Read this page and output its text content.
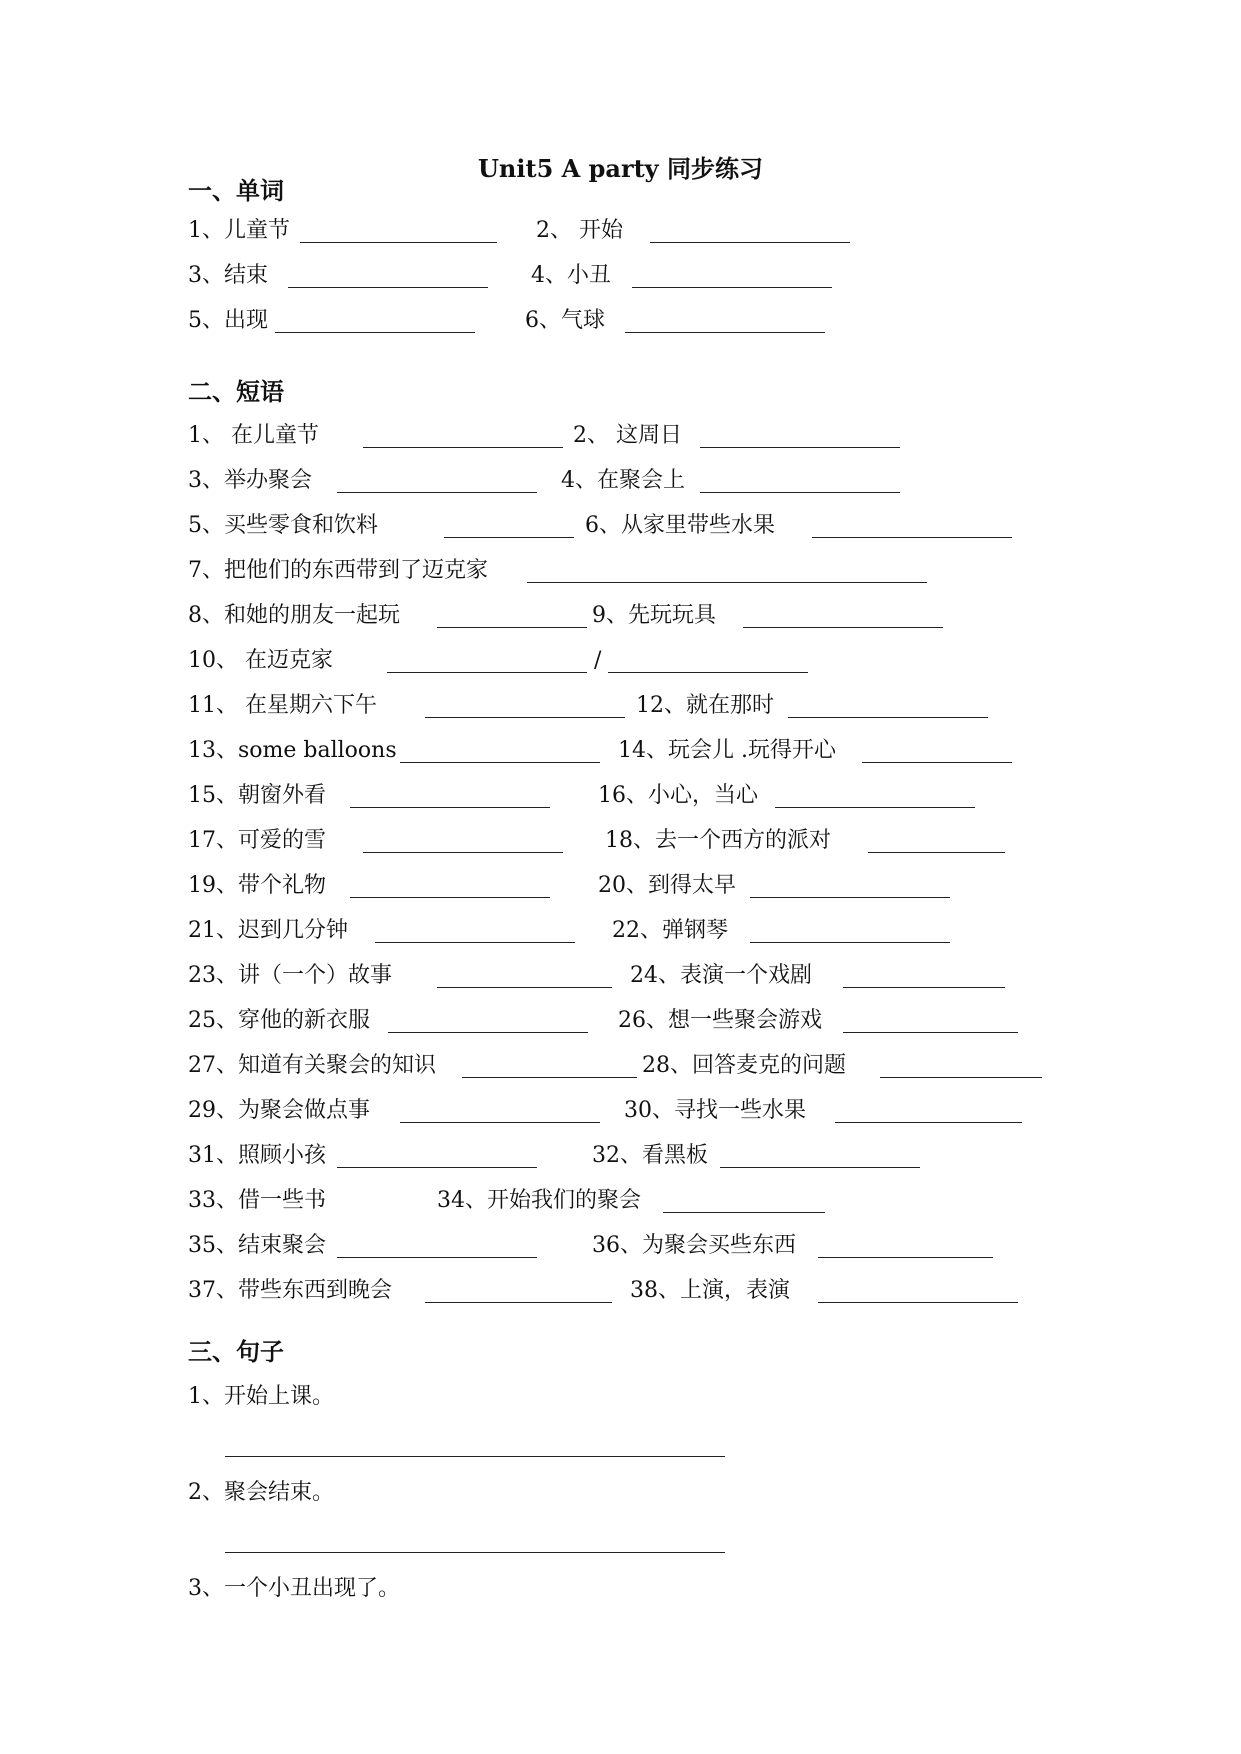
Unit5 A party 同步练习
一、单词
1、儿童节	2、 开始
3、结束	4、小丑
5、出现	6、气球
二、短语
1、 在儿童节	2、 这周日
3、举办聚会	4、在聚会上
5、买些零食和饮料	6、从家里带些水果
7、把他们的东西带到了迈克家
8、和她的朋友一起玩	9、先玩玩具
10、 在迈克家	/
11、 在星期六下午	12、就在那时
13、some balloons	14、玩会儿 .玩得开心
15、朝窗外看	16、小心，当心
17、可爱的雪	18、去一个西方的派对
19、带个礼物	20、到得太早
21、迟到几分钟	22、弹钢琴
23、讲（一个）故事	24、表演一个戏剧
25、穿他的新衣服	26、想一些聚会游戏
27、知道有关聚会的知识	28、回答麦克的问题
29、为聚会做点事	30、寻找一些水果
31、照顾小孩	32、看黑板
33、借一些书	34、开始我们的聚会
35、结束聚会	36、为聚会买些东西
37、带些东西到晚会	38、上演，表演
三、句子
1、开始上课。
2、聚会结束。
3、一个小丑出现了。
